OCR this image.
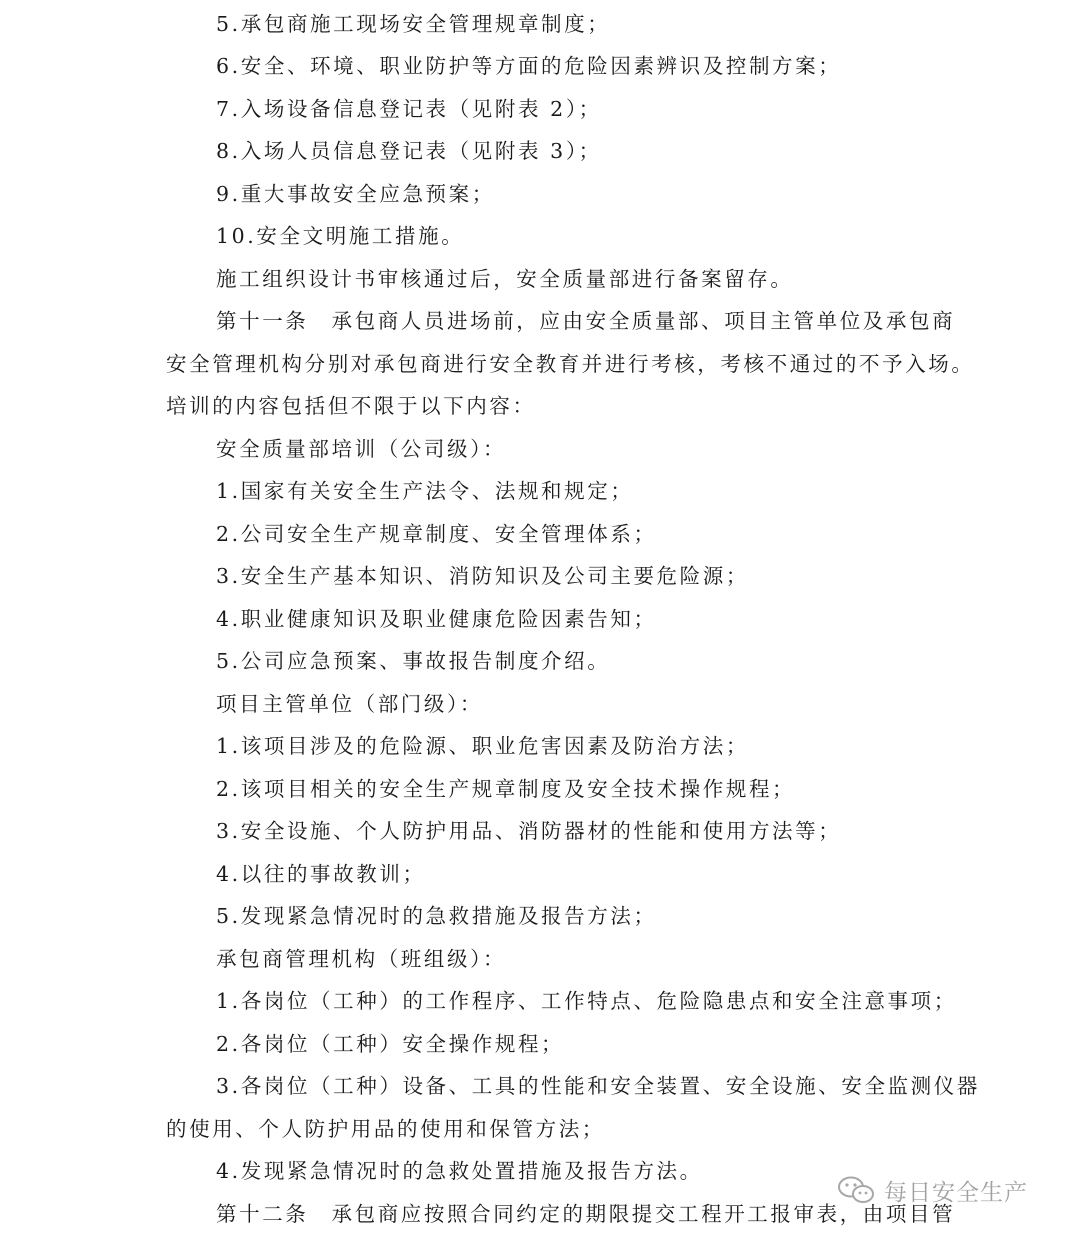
5.承包商施工现场安全管理规章制度；
6.安全、环境、职业防护等方面的危险因素辨识及控制方案；
7.入场设备信息登记表（见附表 2）；
8.入场人员信息登记表（见附表 3）；
9.重大事故安全应急预案；
10.安全文明施工措施。
施工组织设计书审核通过后，安全质量部进行备案留存。
第十一条　承包商人员进场前，应由安全质量部、项目主管单位及承包商
安全管理机构分别对承包商进行安全教育并进行考核，考核不通过的不予入场。
培训的内容包括但不限于以下内容：
安全质量部培训（公司级）：
1.国家有关安全生产法令、法规和规定；
2.公司安全生产规章制度、安全管理体系；
3.安全生产基本知识、消防知识及公司主要危险源；
4.职业健康知识及职业健康危险因素告知；
5.公司应急预案、事故报告制度介绍。
项目主管单位（部门级）：
1.该项目涉及的危险源、职业危害因素及防治方法；
2.该项目相关的安全生产规章制度及安全技术操作规程；
3.安全设施、个人防护用品、消防器材的性能和使用方法等；
4.以往的事故教训；
5.发现紧急情况时的急救措施及报告方法；
承包商管理机构（班组级）：
1.各岗位（工种）的工作程序、工作特点、危险隐患点和安全注意事项；
2.各岗位（工种）安全操作规程；
3.各岗位（工种）设备、工具的性能和安全装置、安全设施、安全监测仪器
的使用、个人防护用品的使用和保管方法；
4.发现紧急情况时的急救处置措施及报告方法。
第十二条　承包商应按照合同约定的期限提交工程开工报审表，由项目管
每日安全生产
